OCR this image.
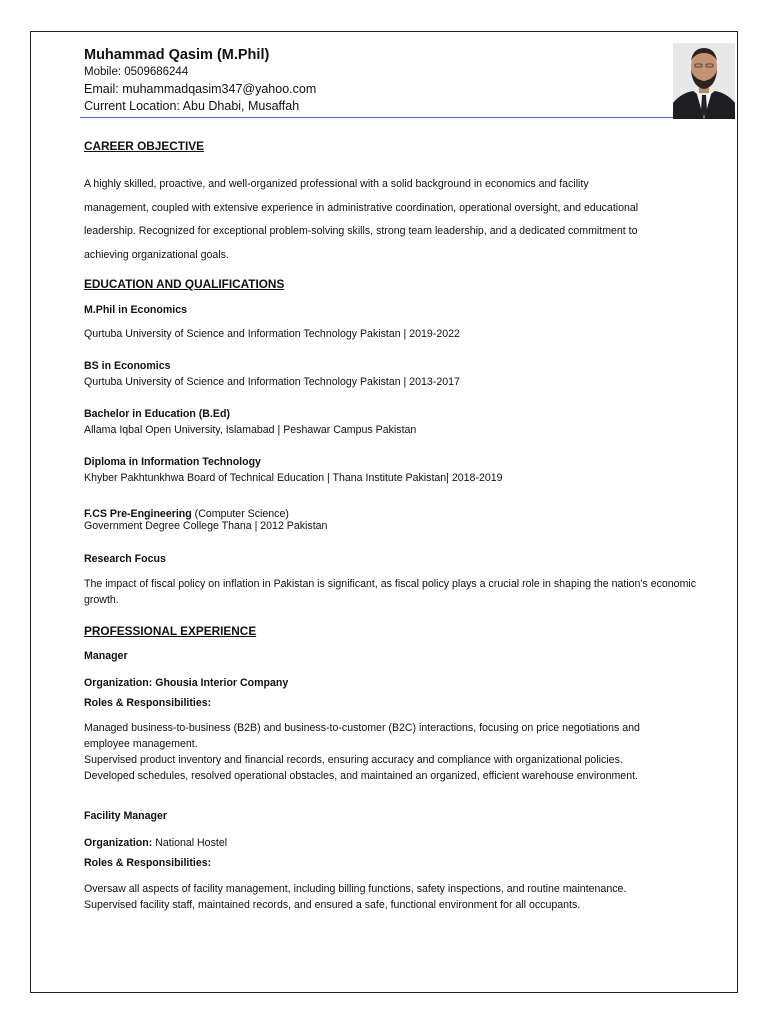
Muhammad Qasim (M.Phil)
Mobile: 0509686244
Email: muhammadqasim347@yahoo.com
Current Location: Abu Dhabi, Musaffah
CAREER OBJECTIVE
A highly skilled, proactive, and well-organized professional with a solid background in economics and facility
management, coupled with extensive experience in administrative coordination, operational oversight, and educational
leadership. Recognized for exceptional problem-solving skills, strong team leadership, and a dedicated commitment to
achieving organizational goals.
EDUCATION AND QUALIFICATIONS
M.Phil in Economics
Qurtuba University of Science and Information Technology Pakistan | 2019-2022
BS in Economics
Qurtuba University of Science and Information Technology Pakistan | 2013-2017
Bachelor in Education (B.Ed)
Allama Iqbal Open University, Islamabad | Peshawar Campus Pakistan
Diploma in Information Technology
Khyber Pakhtunkhwa Board of Technical Education | Thana Institute Pakistan| 2018-2019
F.CS Pre-Engineering (Computer Science)
Government Degree College Thana | 2012 Pakistan
Research Focus
The impact of fiscal policy on inflation in Pakistan is significant, as fiscal policy plays a crucial role in shaping the nation's economic growth.
PROFESSIONAL EXPERIENCE
Manager
Organization: Ghousia Interior Company
Roles & Responsibilities:
Managed business-to-business (B2B) and business-to-customer (B2C) interactions, focusing on price negotiations and
employee management.
Supervised product inventory and financial records, ensuring accuracy and compliance with organizational policies.
Developed schedules, resolved operational obstacles, and maintained an organized, efficient warehouse environment.
Facility Manager
Organization: National Hostel
Roles & Responsibilities:
Oversaw all aspects of facility management, including billing functions, safety inspections, and routine maintenance.
Supervised facility staff, maintained records, and ensured a safe, functional environment for all occupants.
